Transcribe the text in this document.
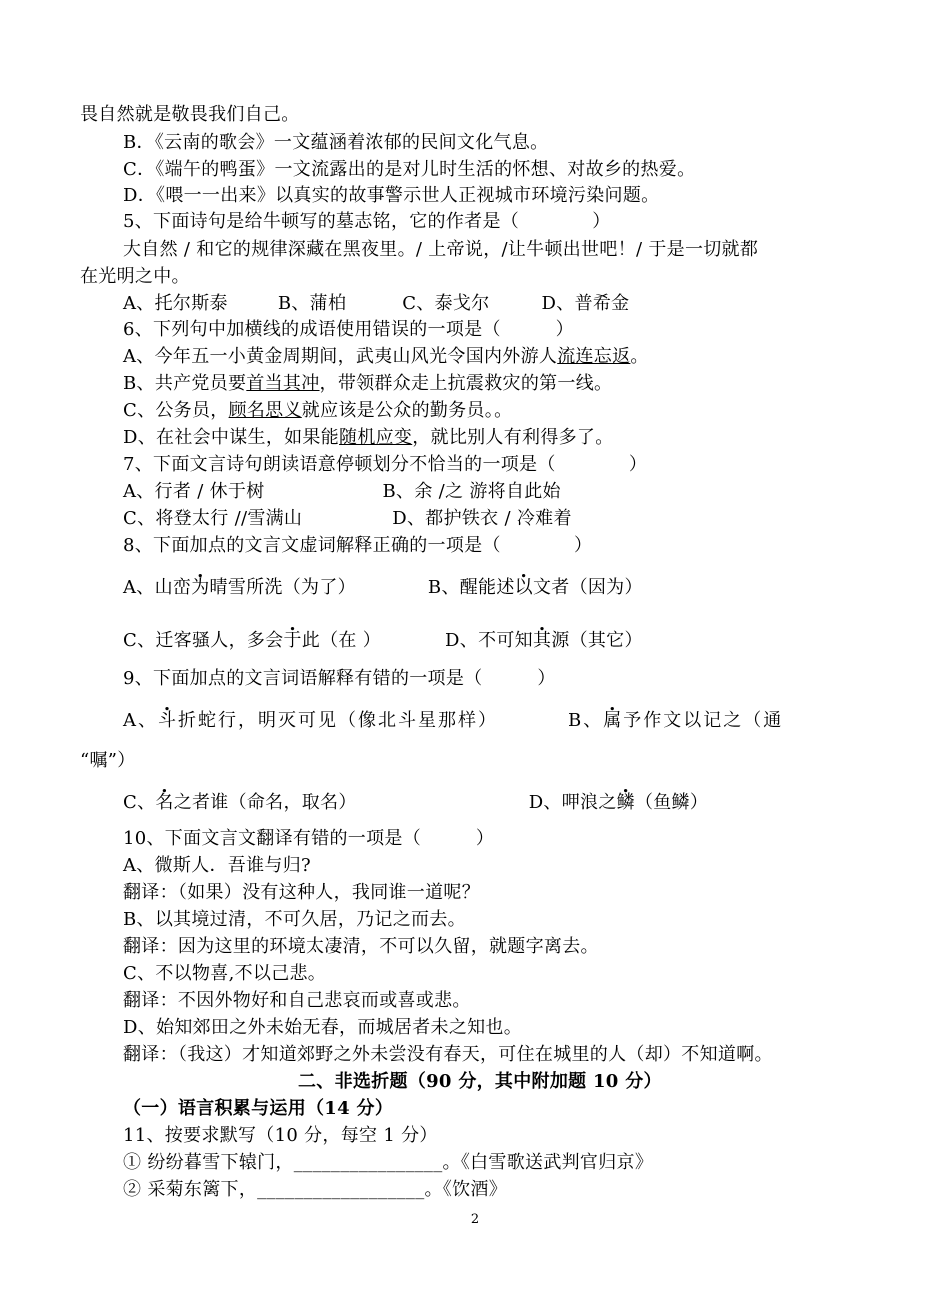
畏自然就是敬畏我们自己。
B．《云南的歌会》一文蕴涵着浓郁的民间文化气息。
C．《端午的鸭蛋》一文流露出的是对儿时生活的怀想、对故乡的热爱。
D．《喂一一出来》以真实的故事警示世人正视城市环境污染问题。
5、下面诗句是给牛顿写的墓志铭，它的作者是（　　　　）
大自然 / 和它的规律深藏在黑夜里。/ 上帝说，/让牛顿出世吧！/ 于是一切就都
在光明之中。
A、托尔斯泰	B、蒲柏	C、泰戈尔	D、普希金
6、下列句中加横线的成语使用错误的一项是（　　　）
A、今年五一小黄金周期间，武夷山风光令国内外游人流连忘返。
B、共产党员要首当其冲，带领群众走上抗震救灾的第一线。
C、公务员，顾名思义就应该是公众的勤务员。。
D、在社会中谋生，如果能随机应变，就比别人有利得多了。
7、下面文言诗句朗读语意停顿划分不恰当的一项是（　　　　）
A、行者 / 休于树	B、余 /之 游将自此始
C、将登太行 //雪满山	D、都护铁衣 / 冷难着
8、下面加点的文言文虚词解释正确的一项是（　　　　）
A、山峦为晴雪所洗（为了）	B、醒能述以文者（因为）
C、迁客骚人，多会于此（在 ）	D、不可知其源（其它）
9、下面加点的文言词语解释有错的一项是（　　　）
A、斗折蛇行，明灭可见（像北斗星那样）	B、属予作文以记之（通
“嘱”）
C、名之者谁（命名，取名）	D、呷浪之鳞（鱼鳞）
10、下面文言文翻译有错的一项是（　　　）
A、微斯人．吾谁与归?
翻译：（如果）没有这种人，我同谁一道呢？
B、以其境过清，不可久居，乃记之而去。
翻译：因为这里的环境太凄清，不可以久留，就题字离去。
C、不以物喜,不以己悲。
翻译：不因外物好和自己悲哀而或喜或悲。
D、始知郊田之外未始无春，而城居者未之知也。
翻译：（我这）才知道郊野之外未尝没有春天，可住在城里的人（却）不知道啊。
二、非选折题（90 分，其中附加题 10 分）
（一）语言积累与运用（14 分）
11、按要求默写（10 分，每空 1 分）
① 纷纷暮雪下辕门，________________。《白雪歌送武判官归京》
② 采菊东篱下，__________________。《饮酒》
2
